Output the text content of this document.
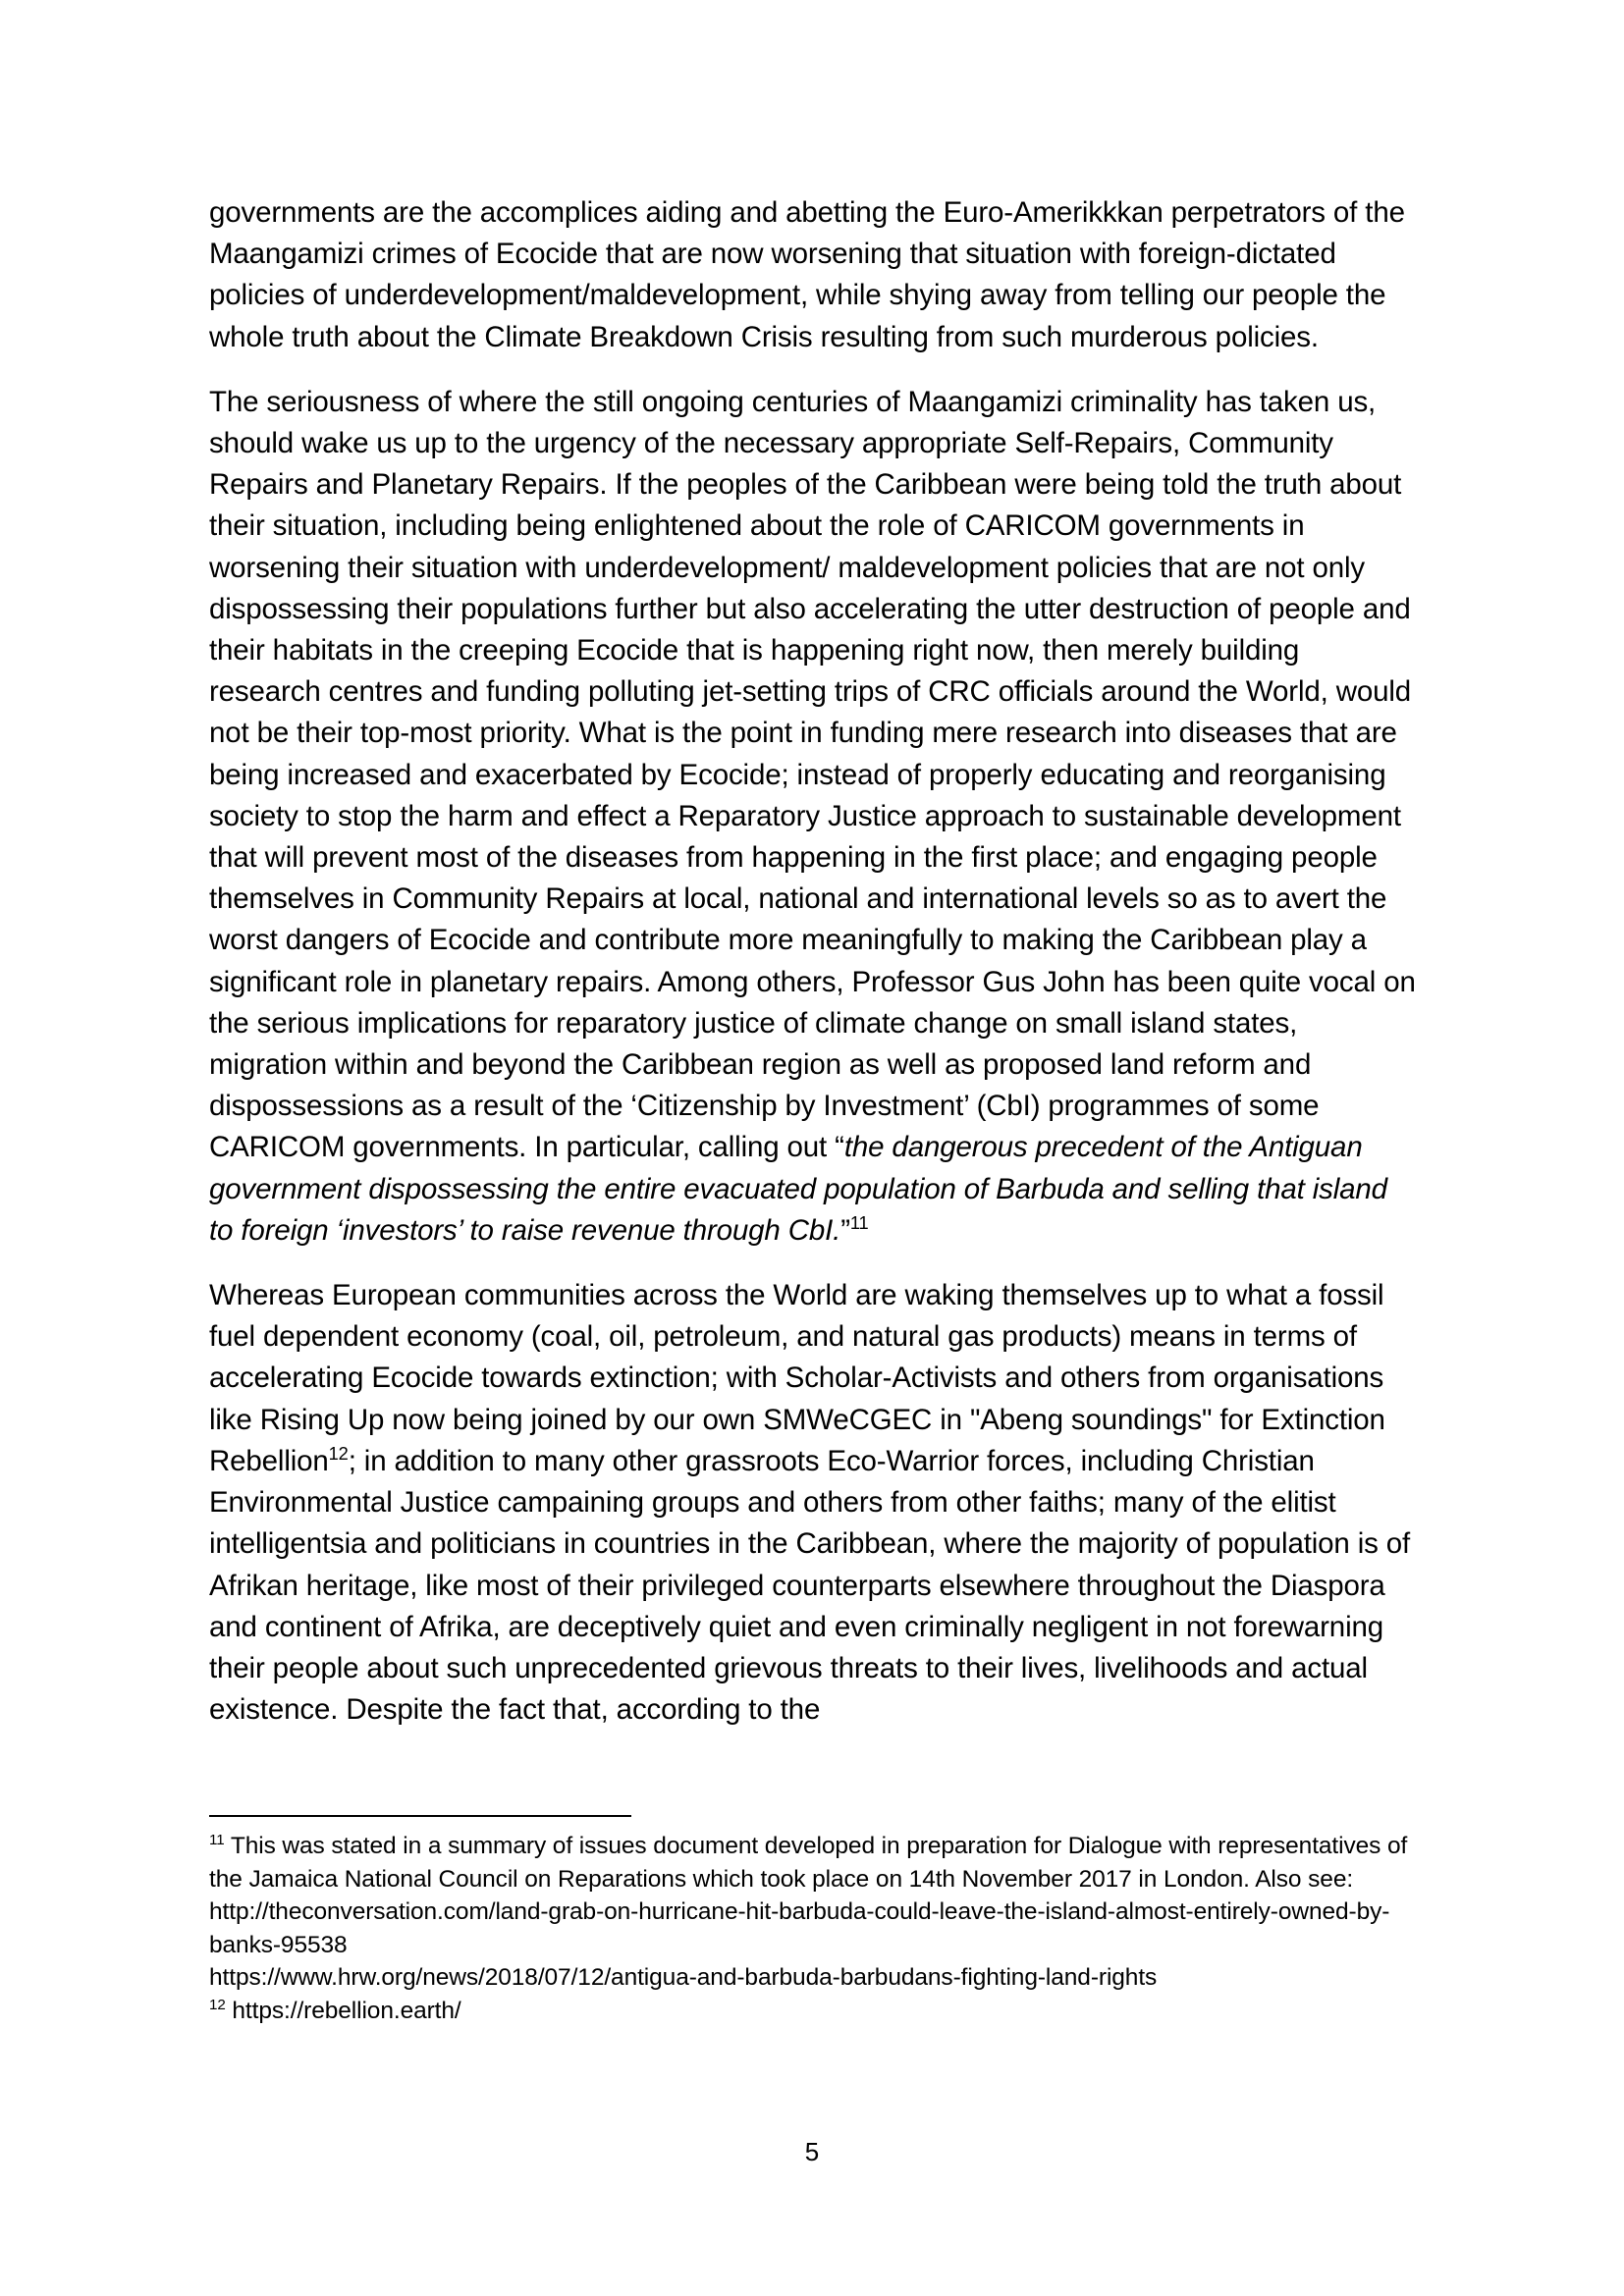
governments are the accomplices aiding and abetting the Euro-Amerikkkan perpetrators of the Maangamizi crimes of Ecocide that are now worsening that situation with foreign-dictated policies of underdevelopment/maldevelopment, while shying away from telling our people the whole truth about the Climate Breakdown Crisis resulting from such murderous policies.

The seriousness of where the still ongoing centuries of Maangamizi criminality has taken us, should wake us up to the urgency of the necessary appropriate Self-Repairs, Community Repairs and Planetary Repairs. If the peoples of the Caribbean were being told the truth about their situation, including being enlightened about the role of CARICOM governments in worsening their situation with underdevelopment/ maldevelopment policies that are not only dispossessing their populations further but also accelerating the utter destruction of people and their habitats in the creeping Ecocide that is happening right now, then merely building research centres and funding polluting jet-setting trips of CRC officials around the World, would not be their top-most priority. What is the point in funding mere research into diseases that are being increased and exacerbated by Ecocide; instead of properly educating and reorganising society to stop the harm and effect a Reparatory Justice approach to sustainable development that will prevent most of the diseases from happening in the first place; and engaging people themselves in Community Repairs at local, national and international levels so as to avert the worst dangers of Ecocide and contribute more meaningfully to making the Caribbean play a significant role in planetary repairs. Among others, Professor Gus John has been quite vocal on the serious implications for reparatory justice of climate change on small island states, migration within and beyond the Caribbean region as well as proposed land reform and dispossessions as a result of the ‘Citizenship by Investment’ (CbI) programmes of some CARICOM governments. In particular, calling out “the dangerous precedent of the Antiguan government dispossessing the entire evacuated population of Barbuda and selling that island to foreign ‘investors’ to raise revenue through CbI.”$^{11}$

Whereas European communities across the World are waking themselves up to what a fossil fuel dependent economy (coal, oil, petroleum, and natural gas products) means in terms of accelerating Ecocide towards extinction; with Scholar-Activists and others from organisations like Rising Up now being joined by our own SMWeCGEC in "Abeng soundings" for Extinction Rebellion$^{12}$; in addition to many other grassroots Eco-Warrior forces, including Christian Environmental Justice campaining groups and others from other faiths; many of the elitist intelligentsia and politicians in countries in the Caribbean, where the majority of population is of Afrikan heritage, like most of their privileged counterparts elsewhere throughout the Diaspora and continent of Afrika, are deceptively quiet and even criminally negligent in not forewarning their people about such unprecedented grievous threats to their lives, livelihoods and actual existence. Despite the fact that, according to the

$^{11}$ This was stated in a summary of issues document developed in preparation for Dialogue with representatives of the Jamaica National Council on Reparations which took place on 14th November 2017 in London. Also see:

http://theconversation.com/land-grab-on-hurricane-hit-barbuda-could-leave-the-island-almost-entirely-owned-by-banks-95538

https://www.hrw.org/news/2018/07/12/antigua-and-barbuda-barbudans-fighting-land-rights

$^{12}$ https://rebellion.earth/

5
